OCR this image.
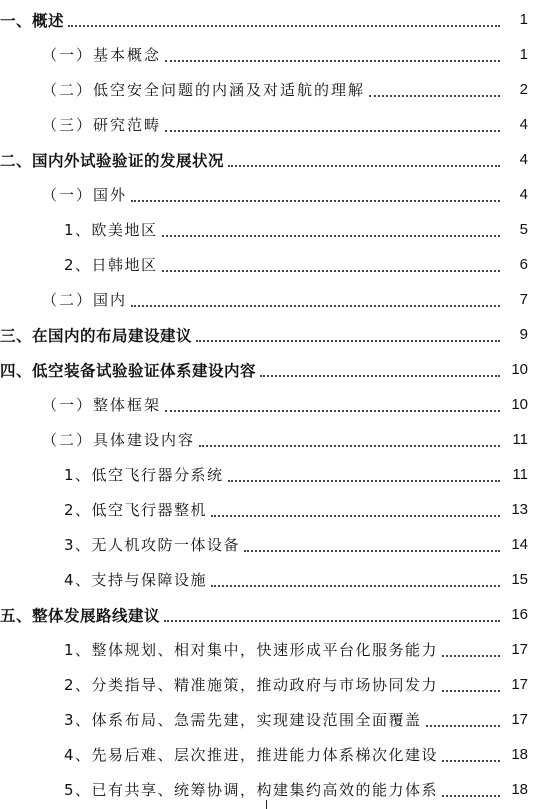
一、概述	1
（一）基本概念	1
（二）低空安全问题的内涵及对适航的理解	2
（三）研究范畴	4
二、国内外试验验证的发展状况	4
（一）国外	4
1、欧美地区	5
2、日韩地区	6
（二）国内	7
三、在国内的布局建设建议	9
四、低空装备试验验证体系建设内容	10
（一）整体框架	10
（二）具体建设内容	11
1、低空飞行器分系统	11
2、低空飞行器整机	13
3、无人机攻防一体设备	14
4、支持与保障设施	15
五、整体发展路线建议	16
1、整体规划、相对集中，快速形成平台化服务能力	17
2、分类指导、精准施策，推动政府与市场协同发力	17
3、体系布局、急需先建，实现建设范围全面覆盖	17
4、先易后难、层次推进，推进能力体系梯次化建设	18
5、已有共享、统筹协调，构建集约高效的能力体系	18
